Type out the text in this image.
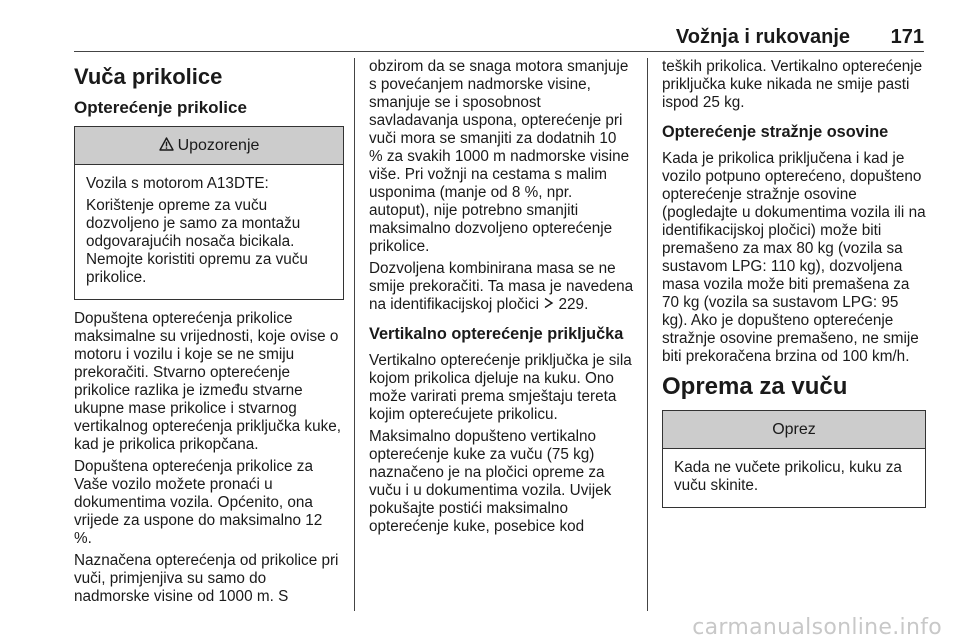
Vožnja i rukovanje 171
Vuča prikolice
Opterećenje prikolice
Upozorenje

Vozila s motorom A13DTE:

Korištenje opreme za vuču dozvoljeno je samo za montažu odgovarajućih nosača bicikala. Nemojte koristiti opremu za vuču prikolice.

Dopuštena opterećenja prikolice maksimalne su vrijednosti, koje ovise o motoru i vozilu i koje se ne smiju prekoračiti. Stvarno opterećenje prikolice razlika je između stvarne ukupne mase prikolice i stvarnog vertikalnog opterećenja priključka kuke, kad je prikolica prikopčana.

Dopuštena opterećenja prikolice za Vaše vozilo možete pronaći u dokumentima vozila. Općenito, ona vrijede za uspone do maksimalno 12 %.

Naznačena opterećenja od prikolice pri vuči, primjenjiva su samo do nadmorske visine od 1000 m. S

obzirom da se snaga motora smanjuje s povećanjem nadmorske visine, smanjuje se i sposobnost savladavanja uspona, opterećenje pri vuči mora se smanjiti za dodatnih 10 % za svakih 1000 m nadmorske visine više. Pri vožnji na cestama s malim usponima (manje od 8 %, npr. autoput), nije potrebno smanjiti maksimalno dozvoljeno opterećenje prikolice.

Dozvoljena kombinirana masa se ne smije prekoračiti. Ta masa je navedena na identifikacijskoj pločici 229.

Vertikalno opterećenje priključka

Vertikalno opterećenje priključka je sila kojom prikolica djeluje na kuku. Ono može varirati prema smještaju tereta kojim opterećujete prikolicu.

Maksimalno dopušteno vertikalno opterećenje kuke za vuču (75 kg) naznačeno je na pločici opreme za vuču i u dokumentima vozila. Uvijek pokušajte postići maksimalno opterećenje kuke, posebice kod

teških prikolica. Vertikalno opterećenje priključka kuke nikada ne smije pasti ispod 25 kg.

Opterećenje stražnje osovine

Kada je prikolica priključena i kad je vozilo potpuno opterećeno, dopušteno opterećenje stražnje osovine (pogledajte u dokumentima vozila ili na identifikacijskoj pločici) može biti premašeno za max 80 kg (vozila sa sustavom LPG: 110 kg), dozvoljena masa vozila može biti premašena za 70 kg (vozila sa sustavom LPG: 95 kg). Ako je dopušteno opterećenje stražnje osovine premašeno, ne smije biti prekoračena brzina od 100 km/h.

Oprema za vuču
Oprez

Kada ne vučete prikolicu, kuku za vuču skinite.

carmanualsonline.info
